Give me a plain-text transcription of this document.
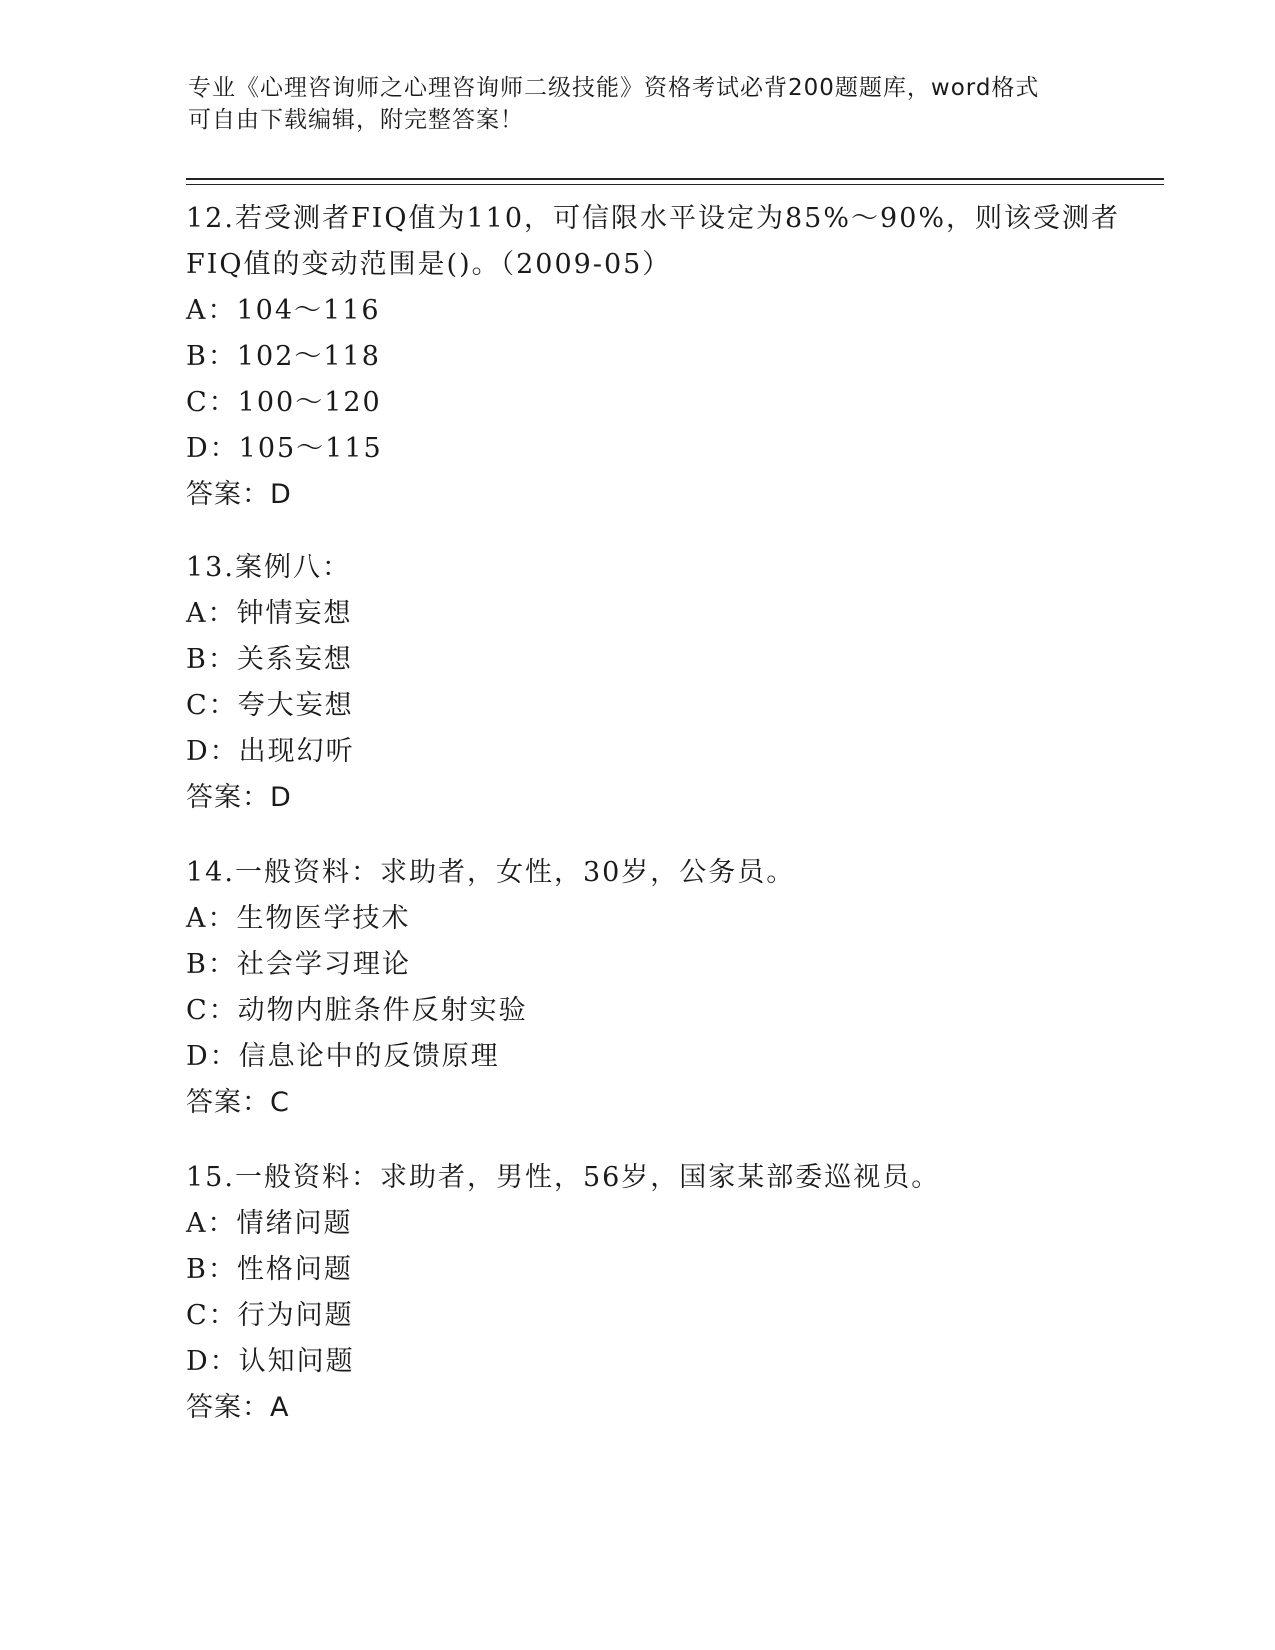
专业《心理咨询师之心理咨询师二级技能》资格考试必背200题题库，word格式
可自由下载编辑，附完整答案！
12.若受测者FIQ值为110，可信限水平设定为85%～90%，则该受测者
FIQ值的变动范围是()。（2009-05）
A：104～116
B：102～118
C：100～120
D：105～115
答案：D
13.案例八：
A：钟情妄想
B：关系妄想
C：夸大妄想
D：出现幻听
答案：D
14.一般资料：求助者，女性，30岁，公务员。
A：生物医学技术
B：社会学习理论
C：动物内脏条件反射实验
D：信息论中的反馈原理
答案：C
15.一般资料：求助者，男性，56岁，国家某部委巡视员。
A：情绪问题
B：性格问题
C：行为问题
D：认知问题
答案：A
